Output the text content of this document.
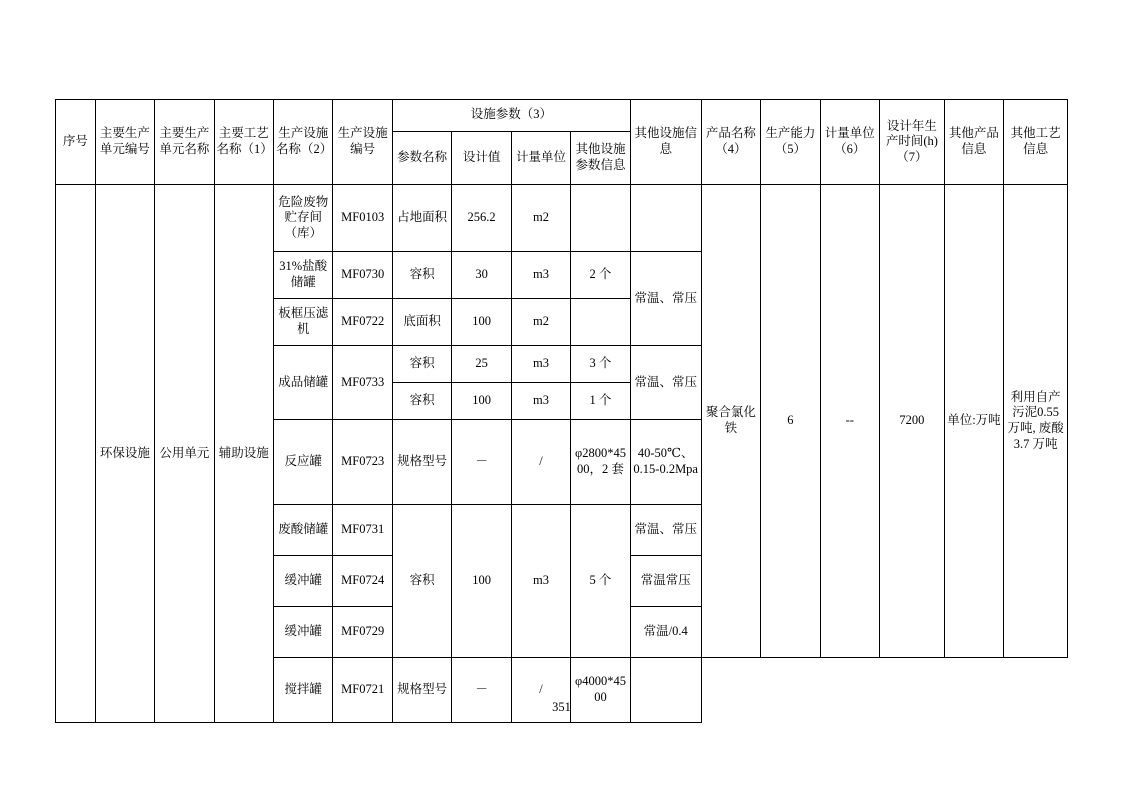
序号	主要生产单元编号	主要生产单元名称	主要工艺名称（1）	生产设施名称（2）	生产设施编号	设施参数（3）				其他设施信息	产品名称（4）	生产能力（5）	计量单位（6）	设计年生产时间(h)（7）	其他产品信息	其他工艺信息
						参数名称	设计值	计量单位	其他设施参数信息							
	环保设施	公用单元	辅助设施	危险废物贮存间（库）	MF0103	占地面积	256.2	m2			聚合氯化铁	6	--	7200	单位:万吨	利用自产污泥0.55 万吨, 废酸3.7 万吨
				31%盐酸储罐	MF0730	容积	30	m3	2 个	常温、常压						
				板框压滤机	MF0722	底面积	100	m2								
				成品储罐	MF0733	容积	25	m3	3 个	常温、常压						
						容积	100	m3	1 个							
				反应罐	MF0723	规格型号	－	/	φ2800*4500，2 套	40-50℃、 0.15-0.2Mpa						
				废酸储罐	MF0731	容积	100	m3	5 个	常温、常压						
				缓冲罐	MF0724					常温常压						
				缓冲罐	MF0729					常温/0.4						
				搅拌罐	MF0721	规格型号	－	/	φ4000*4500							
351
